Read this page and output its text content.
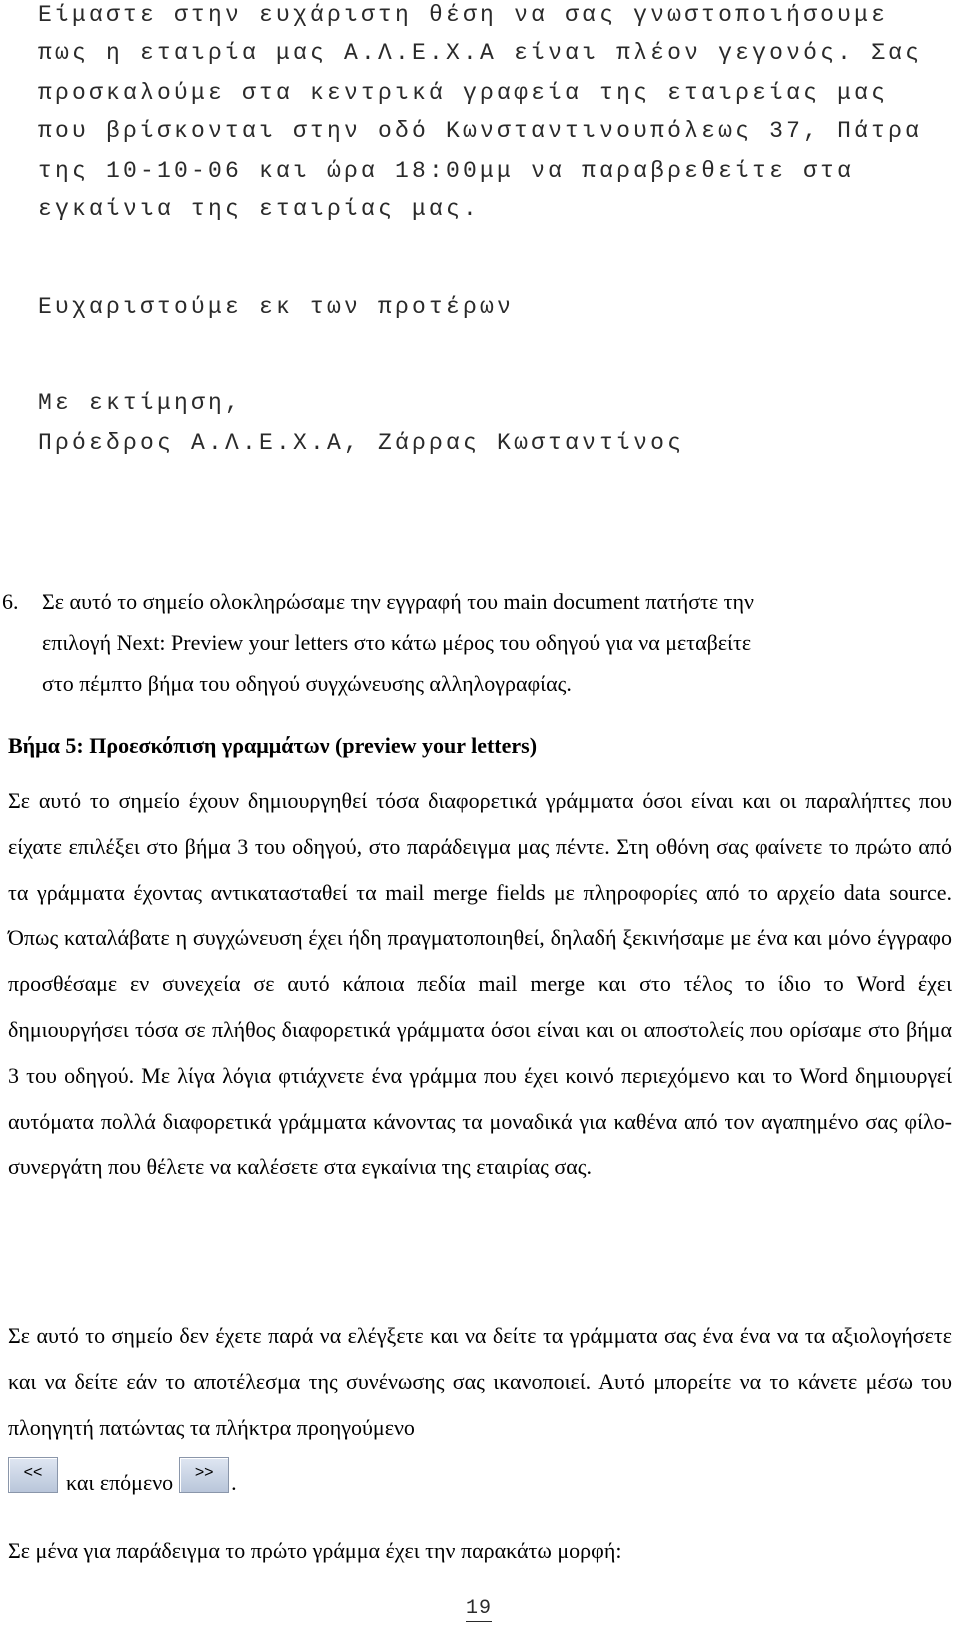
Είμαστε στην ευχάριστη θέση να σας γνωστοποιήσουμε
πως η εταιρία μας Α.Λ.Ε.Χ.Α είναι πλέον γεγονός. Σας
προσκαλούμε στα κεντρικά γραφεία της εταιρείας μας
που βρίσκονται στην οδό Κωνσταντινουπόλεως 37, Πάτρα
της 10-10-06 και ώρα 18:00μμ να παραβρεθείτε στα
εγκαίνια της εταιρίας μας.
Ευχαριστούμε εκ των προτέρων
Με εκτίμηση,
Πρόεδρος Α.Λ.Ε.Χ.Α, Ζάρρας Κωσταντίνος
6. Σε αυτό το σημείο ολοκληρώσαμε την εγγραφή του main document πατήστε την
επιλογή Next: Preview your letters στο κάτω μέρος του οδηγού για να μεταβείτε
στο πέμπτο βήμα του οδηγού συγχώνευσης αλληλογραφίας.
Βήμα 5: Προεσκόπιση γραμμάτων (preview your letters)
Σε αυτό το σημείο έχουν δημιουργηθεί τόσα διαφορετικά γράμματα όσοι είναι και οι παραλήπτες που είχατε επιλέξει στο βήμα 3 του οδηγού, στο παράδειγμα μας πέντε. Στη οθόνη σας φαίνετε το πρώτο από τα γράμματα έχοντας αντικατασταθεί τα mail merge fields με πληροφορίες από το αρχείο data source. Όπως καταλάβατε η συγχώνευση έχει ήδη πραγματοποιηθεί, δηλαδή ξεκινήσαμε με ένα και μόνο έγγραφο προσθέσαμε εν συνεχεία σε αυτό κάποια πεδία mail merge και στο τέλος το ίδιο το Word έχει δημιουργήσει τόσα σε πλήθος διαφορετικά γράμματα όσοι είναι και οι αποστολείς που ορίσαμε στο βήμα 3 του οδηγού. Με λίγα λόγια φτιάχνετε ένα γράμμα που έχει κοινό περιεχόμενο και το Word δημιουργεί αυτόματα πολλά διαφορετικά γράμματα κάνοντας τα μοναδικά για καθένα από τον αγαπημένο σας φίλο-συνεργάτη που θέλετε να καλέσετε στα εγκαίνια της εταιρίας σας.
Σε αυτό το σημείο δεν έχετε παρά να ελέγξετε και να δείτε τα γράμματα σας ένα ένα να τα αξιολογήσετε και να δείτε εάν το αποτέλεσμα της συνένωσης σας ικανοποιεί. Αυτό μπορείτε να το κάνετε μέσω του πλοηγητή πατώντας τα πλήκτρα προηγούμενο
<<	και επόμενο	>> .
Σε μένα για παράδειγμα το πρώτο γράμμα έχει την παρακάτω μορφή:
19
